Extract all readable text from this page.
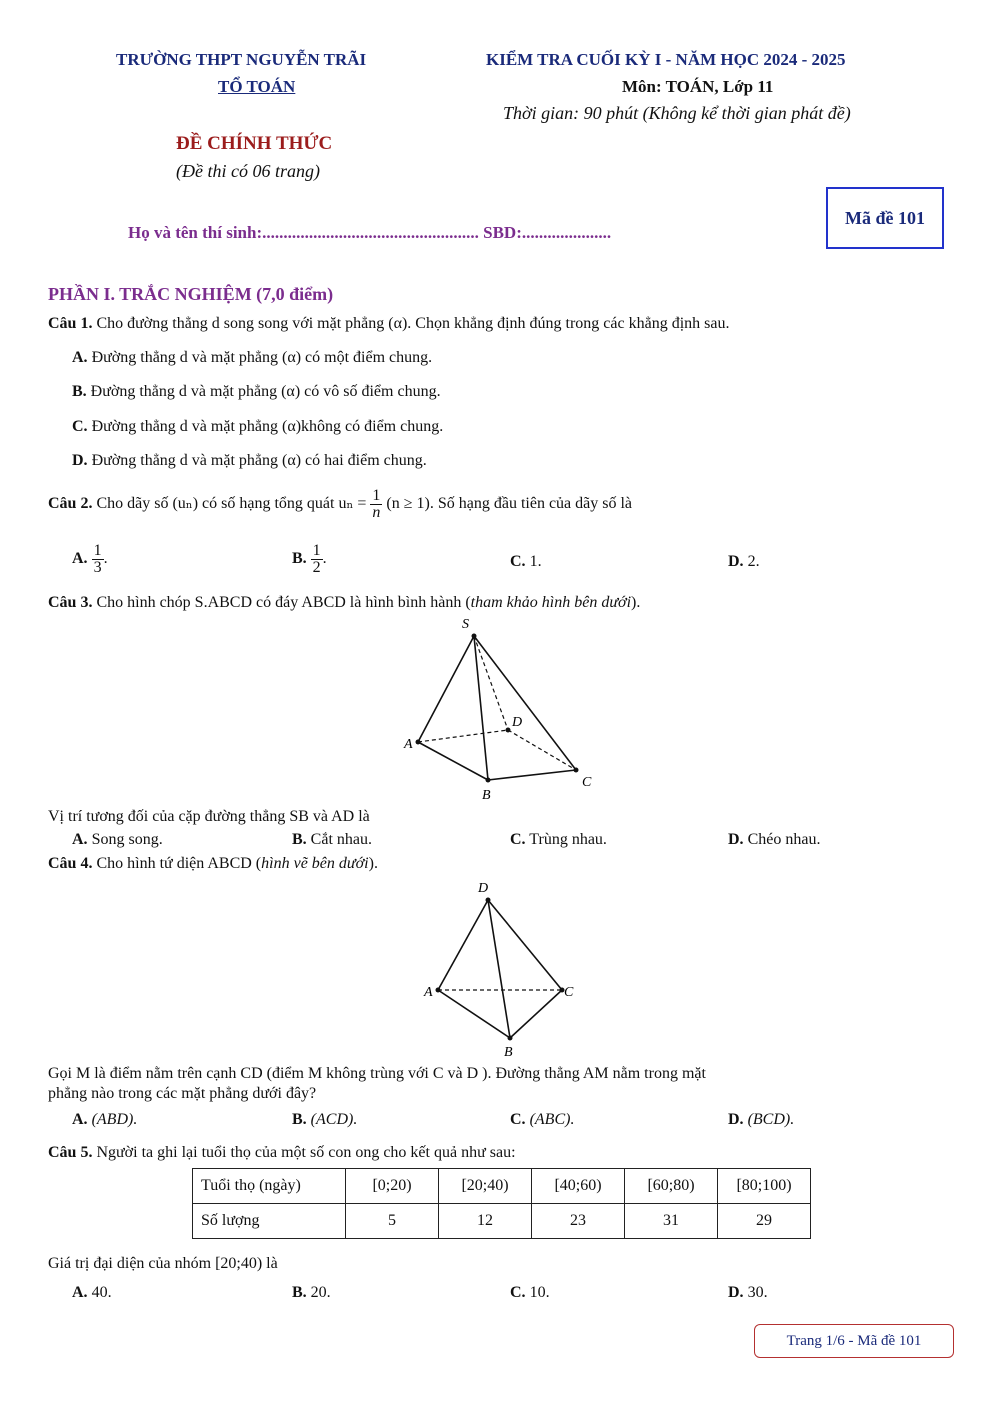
TRƯỜNG THPT NGUYỄN TRÃI
TỔ TOÁN
KIỂM TRA CUỐI KỲ I - NĂM HỌC 2024 - 2025
Môn: TOÁN, Lớp 11
Thời gian: 90 phút (Không kể thời gian phát đề)
ĐỀ CHÍNH THỨC
(Đề thi có 06 trang)
Họ và tên thí sinh:................................................... SBD:.....................
Mã đề 101
PHẦN I. TRẮC NGHIỆM (7,0 điểm)
Câu 1. Cho đường thẳng d song song với mặt phẳng (α). Chọn khẳng định đúng trong các khẳng định sau.
A. Đường thẳng d và mặt phẳng (α) có một điểm chung.
B. Đường thẳng d và mặt phẳng (α) có vô số điểm chung.
C. Đường thẳng d và mặt phẳng (α)không có điểm chung.
D. Đường thẳng d và mặt phẳng (α) có hai điểm chung.
Câu 2. Cho dãy số (uₙ) có số hạng tổng quát $u_n = \frac{1}{n} (n \ge 1)$. Số hạng đầu tiên của dãy số là
A. $\frac{1}{3}$ .	B. $\frac{1}{2}$ .	C. 1.	D. 2.
Câu 3. Cho hình chóp S.ABCD có đáy ABCD là hình bình hành (tham khảo hình bên dưới).
S
A
B
C
D
Vị trí tương đối của cặp đường thẳng SB và AD là
A. Song song.	B. Cắt nhau.	C. Trùng nhau.	D. Chéo nhau.
Câu 4. Cho hình tứ diện ABCD (hình vẽ bên dưới).
D
A
B
C
Gọi M là điểm nằm trên cạnh CD (điểm M không trùng với C và D ). Đường thẳng AM nằm trong mặt
phẳng nào trong các mặt phẳng dưới đây?
A. (ABD).	B. (ACD).	C. (ABC).	D. (BCD).
Câu 5. Người ta ghi lại tuổi thọ của một số con ong cho kết quả như sau:
Tuổi thọ (ngày)	[0;20)	[20;40)	[40;60)	[60;80)	[80;100)
Số lượng	5	12	23	31	29
Giá trị đại diện của nhóm [20;40) là
A. 40.	B. 20.	C. 10.	D. 30.
Trang 1/6 - Mã đề 101
